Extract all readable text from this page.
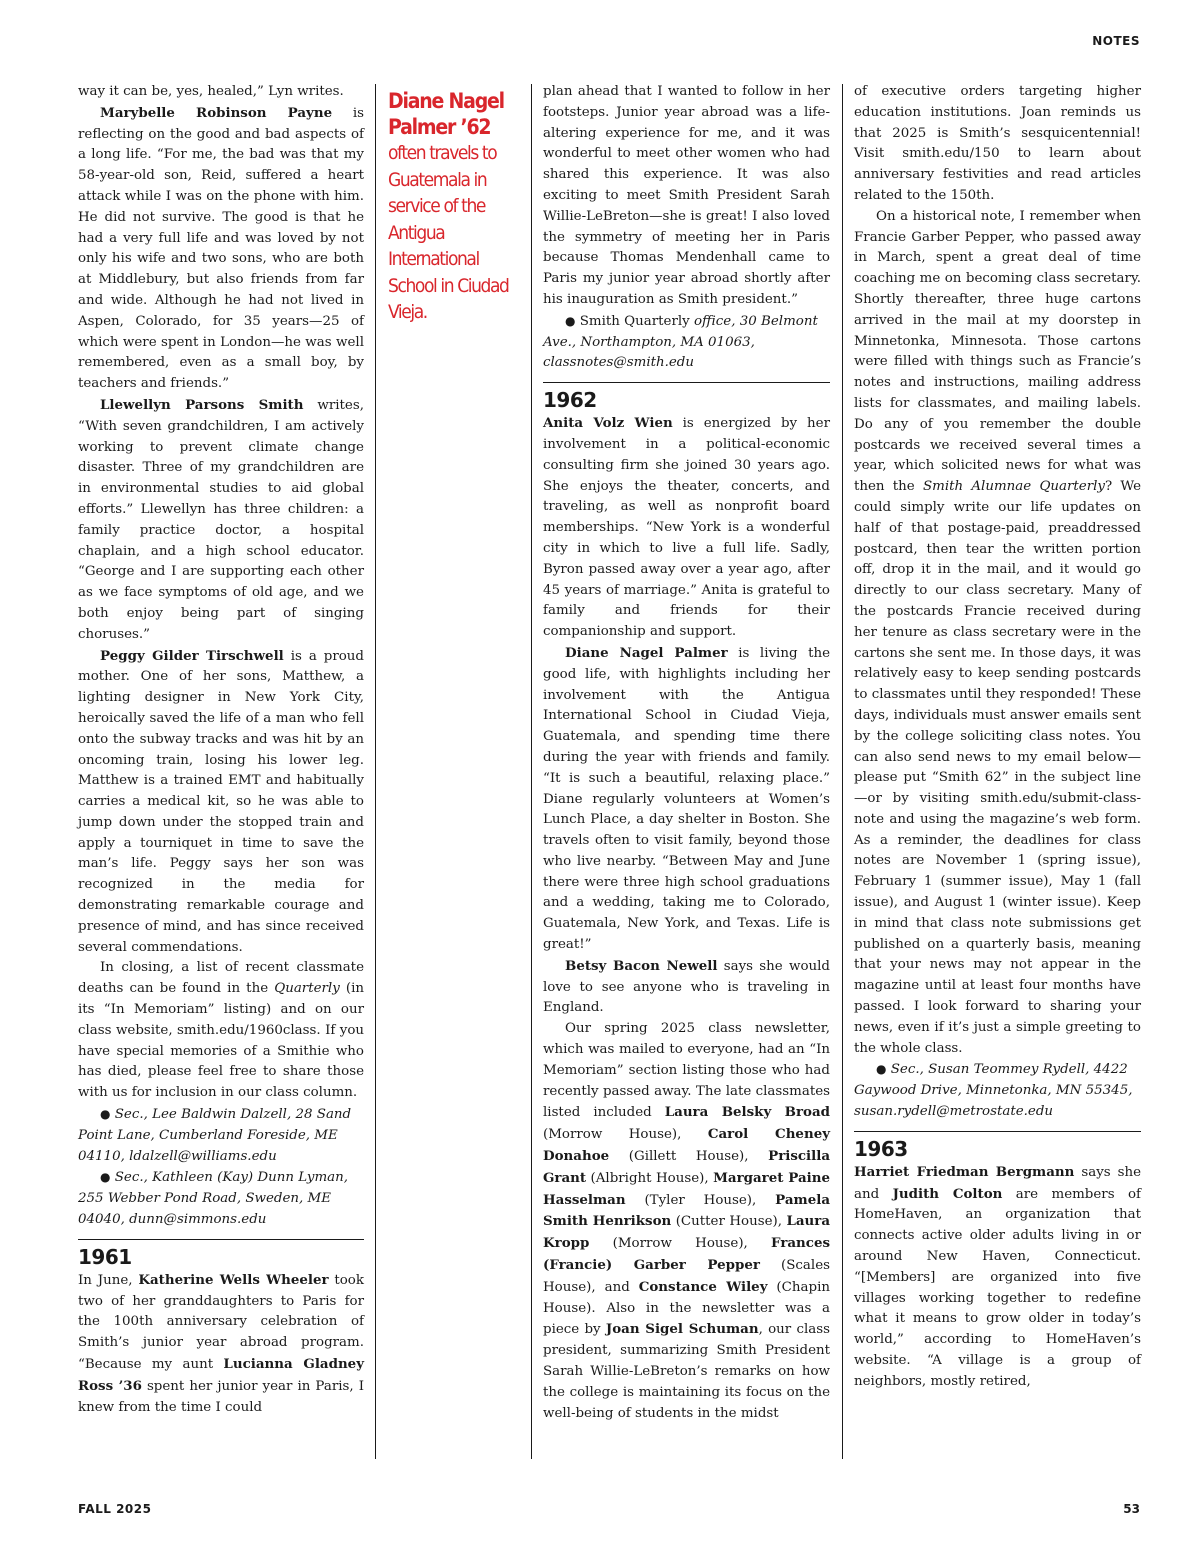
NOTES

way it can be, yes, healed,” Lyn writes.

Marybelle Robinson Payne is reflecting on the good and bad aspects of a long life. “For me, the bad was that my 58-year-old son, Reid, suffered a heart attack while I was on the phone with him. He did not survive. The good is that he had a very full life and was loved by not only his wife and two sons, who are both at Middlebury, but also friends from far and wide. Although he had not lived in Aspen, Colorado, for 35 years—25 of which were spent in London—he was well remembered, even as a small boy, by teachers and friends.”

Llewellyn Parsons Smith writes, “With seven grandchildren, I am actively working to prevent climate change disaster. Three of my grandchildren are in environmental studies to aid global efforts.” Llewellyn has three children: a family practice doctor, a hospital chaplain, and a high school educator. “George and I are supporting each other as we face symptoms of old age, and we both enjoy being part of singing choruses.”

Peggy Gilder Tirschwell is a proud mother. One of her sons, Matthew, a lighting designer in New York City, heroically saved the life of a man who fell onto the subway tracks and was hit by an oncoming train, losing his lower leg. Matthew is a trained EMT and habitually carries a medical kit, so he was able to jump down under the stopped train and apply a tourniquet in time to save the man’s life. Peggy says her son was recognized in the media for demonstrating remarkable courage and presence of mind, and has since received several commendations.

In closing, a list of recent classmate deaths can be found in the Quarterly (in its “In Memoriam” listing) and on our class website, smith.edu/1960class. If you have special memories of a Smithie who has died, please feel free to share those with us for inclusion in our class column.

● Sec., Lee Baldwin Dalzell, 28 Sand Point Lane, Cumberland Foreside, ME 04110, ldalzell@williams.edu

● Sec., Kathleen (Kay) Dunn Lyman, 255 Webber Pond Road, Sweden, ME 04040, dunn@simmons.edu

1961

In June, Katherine Wells Wheeler took two of her granddaughters to Paris for the 100th anniversary celebration of Smith’s junior year abroad program. “Because my aunt Lucianna Gladney Ross ’36 spent her junior year in Paris, I knew from the time I could

Diane Nagel Palmer ’62
often travels to Guatemala in service of the Antigua International School in Ciudad Vieja.

plan ahead that I wanted to follow in her footsteps. Junior year abroad was a life-altering experience for me, and it was wonderful to meet other women who had shared this experience. It was also exciting to meet Smith President Sarah Willie-LeBreton—she is great! I also loved the symmetry of meeting her in Paris because Thomas Mendenhall came to Paris my junior year abroad shortly after his inauguration as Smith president.”

● Smith Quarterly office, 30 Belmont Ave., Northampton, MA 01063, classnotes@smith.edu

1962

Anita Volz Wien is energized by her involvement in a political-economic consulting firm she joined 30 years ago. She enjoys the theater, concerts, and traveling, as well as nonprofit board memberships. “New York is a wonderful city in which to live a full life. Sadly, Byron passed away over a year ago, after 45 years of marriage.” Anita is grateful to family and friends for their companionship and support.

Diane Nagel Palmer is living the good life, with highlights including her involvement with the Antigua International School in Ciudad Vieja, Guatemala, and spending time there during the year with friends and family. “It is such a beautiful, relaxing place.” Diane regularly volunteers at Women’s Lunch Place, a day shelter in Boston. She travels often to visit family, beyond those who live nearby. “Between May and June there were three high school graduations and a wedding, taking me to Colorado, Guatemala, New York, and Texas. Life is great!”

Betsy Bacon Newell says she would love to see anyone who is traveling in England.

Our spring 2025 class newsletter, which was mailed to everyone, had an “In Memoriam” section listing those who had recently passed away. The late classmates listed included Laura Belsky Broad (Morrow House), Carol Cheney Donahoe (Gillett House), Priscilla Grant (Albright House), Margaret Paine Hasselman (Tyler House), Pamela Smith Henrikson (Cutter House), Laura Kropp (Morrow House), Frances (Francie) Garber Pepper (Scales House), and Constance Wiley (Chapin House). Also in the newsletter was a piece by Joan Sigel Schuman, our class president, summarizing Smith President Sarah Willie-LeBreton’s remarks on how the college is maintaining its focus on the well-being of students in the midst

of executive orders targeting higher education institutions. Joan reminds us that 2025 is Smith’s sesquicentennial! Visit smith.edu/150 to learn about anniversary festivities and read articles related to the 150th.

On a historical note, I remember when Francie Garber Pepper, who passed away in March, spent a great deal of time coaching me on becoming class secretary. Shortly thereafter, three huge cartons arrived in the mail at my doorstep in Minnetonka, Minnesota. Those cartons were filled with things such as Francie’s notes and instructions, mailing address lists for classmates, and mailing labels. Do any of you remember the double postcards we received several times a year, which solicited news for what was then the Smith Alumnae Quarterly? We could simply write our life updates on half of that postage-paid, preaddressed postcard, then tear the written portion off, drop it in the mail, and it would go directly to our class secretary. Many of the postcards Francie received during her tenure as class secretary were in the cartons she sent me. In those days, it was relatively easy to keep sending postcards to classmates until they responded! These days, individuals must answer emails sent by the college soliciting class notes. You can also send news to my email below—please put “Smith 62” in the subject line—or by visiting smith.edu/submit-class-note and using the magazine’s web form. As a reminder, the deadlines for class notes are November 1 (spring issue), February 1 (summer issue), May 1 (fall issue), and August 1 (winter issue). Keep in mind that class note submissions get published on a quarterly basis, meaning that your news may not appear in the magazine until at least four months have passed. I look forward to sharing your news, even if it’s just a simple greeting to the whole class.

● Sec., Susan Teommey Rydell, 4422 Gaywood Drive, Minnetonka, MN 55345, susan.rydell@metrostate.edu

1963

Harriet Friedman Bergmann says she and Judith Colton are members of HomeHaven, an organization that connects active older adults living in or around New Haven, Connecticut. “[Members] are organized into five villages working together to redefine what it means to grow older in today’s world,” according to HomeHaven’s website. “A village is a group of neighbors, mostly retired,

FALL 2025	53
